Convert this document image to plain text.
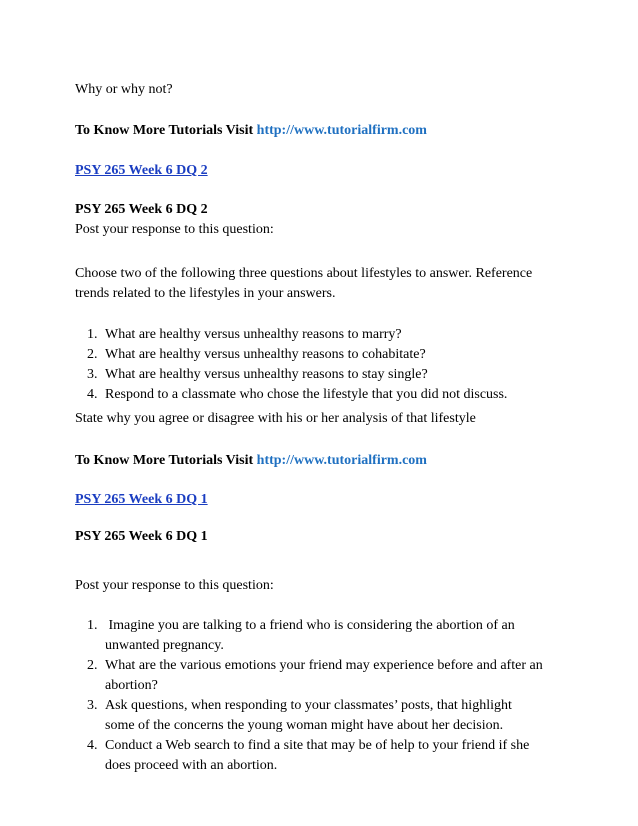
Why or why not?
To Know More Tutorials Visit http://www.tutorialfirm.com
PSY 265 Week 6 DQ 2
PSY 265 Week 6 DQ 2
Post your response to this question:
Choose two of the following three questions about lifestyles to answer. Reference
trends related to the lifestyles in your answers.
1. What are healthy versus unhealthy reasons to marry?
2. What are healthy versus unhealthy reasons to cohabitate?
3. What are healthy versus unhealthy reasons to stay single?
4. Respond to a classmate who chose the lifestyle that you did not discuss.
State why you agree or disagree with his or her analysis of that lifestyle
To Know More Tutorials Visit http://www.tutorialfirm.com
PSY 265 Week 6 DQ 1
PSY 265 Week 6 DQ 1
Post your response to this question:
1. Imagine you are talking to a friend who is considering the abortion of an
unwanted pregnancy.
2. What are the various emotions your friend may experience before and after an
abortion?
3. Ask questions, when responding to your classmates’ posts, that highlight
some of the concerns the young woman might have about her decision.
4. Conduct a Web search to find a site that may be of help to your friend if she
does proceed with an abortion.
